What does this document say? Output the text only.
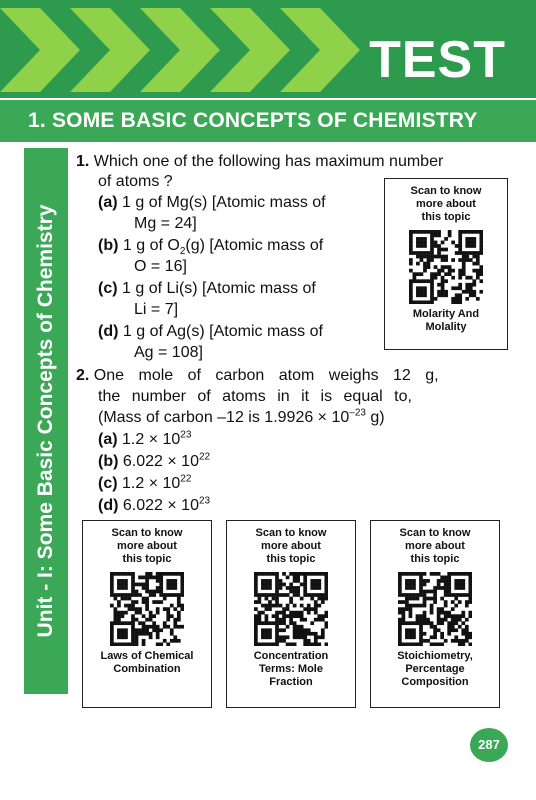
TEST
1. SOME BASIC CONCEPTS OF CHEMISTRY
Unit - I: Some Basic Concepts of Chemistry
1. Which one of the following has maximum number
of atoms ?
(a) 1 g of Mg(s) [Atomic mass of
Mg = 24]
(b) 1 g of $O_2(g)$ [Atomic mass of
O = 16]
(c) 1 g of Li(s) [Atomic mass of
Li = 7]
(d) 1 g of Ag(s) [Atomic mass of
Ag = 108]
Scan to know
more about
this topic
Molarity And
Molality
2. One mole of carbon atom weighs 12 g,
the number of atoms in it is equal to,
(Mass of carbon –12 is $1.9926 \times 10^{-23}$ g)
(a) $1.2 \times 10^{23}$
(b) $6.022 \times 10^{22}$
(c) $1.2 \times 10^{22}$
(d) $6.022 \times 10^{23}$
Scan to know
more about
this topic
Laws of Chemical
Combination
Scan to know
more about
this topic
Concentration
Terms: Mole
Fraction
Scan to know
more about
this topic
Stoichiometry,
Percentage
Composition
287
